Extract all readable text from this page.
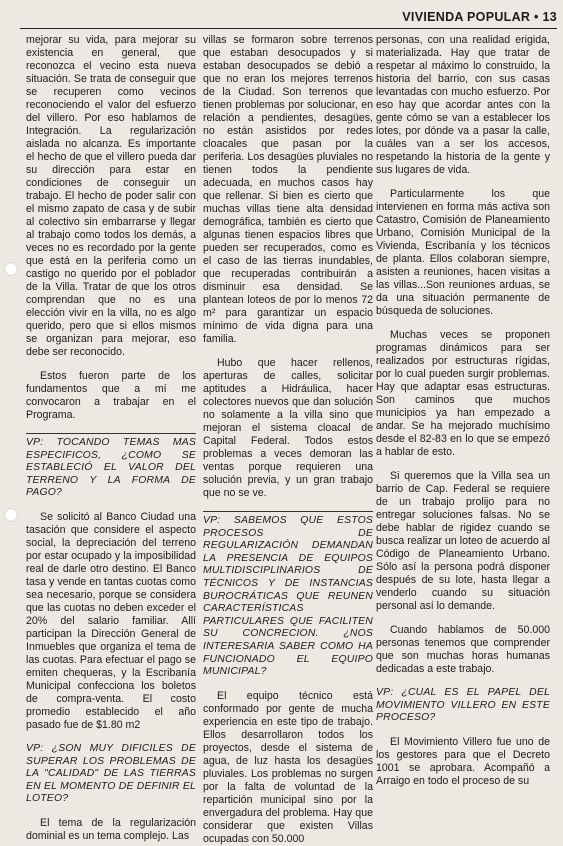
VIVIENDA POPULAR • 13

mejorar su vida, para mejorar su existencia en general, que reconozca el vecino esta nueva situación. Se trata de conseguir que se recuperen como vecinos reconociendo el valor del esfuerzo del villero. Por eso hablamos de Integración. La regularización aislada no alcanza. Es importante el hecho de que el villero pueda dar su dirección para estar en condiciones de conseguir un trabajo. El hecho de poder salir con el mismo zapato de casa y de subir al colectivo sin embarrarse y llegar al trabajo como todos los demás, a veces no es recordado por la gente que está en la periferia como un castigo no querido por el poblador de la Villa. Tratar de que los otros comprendan que no es una elección vivir en la villa, no es algo querido, pero que si ellos mismos se organizan para mejorar, eso debe ser reconocido.

Estos fueron parte de los fundamentos que a mí me convocaron a trabajar en el Programa.

VP: TOCANDO TEMAS MAS ESPECIFICOS, ¿COMO SE ESTABLECIÓ EL VALOR DEL TERRENO Y LA FORMA DE PAGO?

Se solicitó al Banco Ciudad una tasación que considere el aspecto social, la depreciación del terreno por estar ocupado y la imposibilidad real de darle otro destino. El Banco tasa y vende en tantas cuotas como sea necesario, porque se considera que las cuotas no deben exceder el 20% del salario familiar. Allí participan la Dirección General de Inmuebles que organiza el tema de las cuotas. Para efectuar el pago se emiten chequeras, y la Escribanía Municipal confecciona los boletos de compra-venta. El costo promedio establecido el año pasado fue de $1.80 m2

VP: ¿SON MUY DIFICILES DE SUPERAR LOS PROBLEMAS DE LA "CALIDAD" DE LAS TIERRAS EN EL MOMENTO DE DEFINIR EL LOTEO?

El tema de la regularización dominial es un tema complejo. Las

villas se formaron sobre terrenos que estaban desocupados y si estaban desocupados se debió a que no eran los mejores terrenos de la Ciudad. Son terrenos que tienen problemas por solucionar, en relación a pendientes, desagües, no están asistidos por redes cloacales que pasan por la periferia. Los desagües pluviales no tienen todos la pendiente adecuada, en muchos casos hay que rellenar. Si bien es cierto que muchas villas tiene alta densidad demográfica, también es cierto que algunas tienen espacios libres que pueden ser recuperados, como es el caso de las tierras inundables, que recuperadas contribuirán a disminuir esa densidad. Se plantean loteos de por lo menos 72 m² para garantizar un espacio mínimo de vida digna para una familia.

Hubo que hacer rellenos, aperturas de calles, solicitar aptitudes a Hidráulica, hacer colectores nuevos que dan solución no solamente a la villa sino que mejoran el sistema cloacal de Capital Federal. Todos estos problemas a veces demoran las ventas porque requieren una solución previa, y un gran trabajo que no se ve.

VP: SABEMOS QUE ESTOS PROCESOS DE REGULARIZACIÓN DEMANDAN LA PRESENCIA DE EQUIPOS MULTIDISCIPLINARIOS DE TÉCNICOS Y DE INSTANCIAS BUROCRÁTICAS QUE REUNEN CARACTERÍSTICAS PARTICULARES QUE FACILITEN SU CONCRECION. ¿NOS INTERESARIA SABER COMO HA FUNCIONADO EL EQUIPO MUNICIPAL?

El equipo técnico está conformado por gente de mucha experiencia en este tipo de trabajo. Ellos desarrollaron todos los proyectos, desde el sistema de agua, de luz hasta los desagües pluviales. Los problemas no surgen por la falta de voluntad de la repartición municipal sino por la envergadura del problema. Hay que considerar que existen Villas ocupadas con 50.000

personas, con una realidad erigida, materializada. Hay que tratar de respetar al máximo lo construido, la historia del barrio, con sus casas levantadas con mucho esfuerzo. Por eso hay que acordar antes con la gente cómo se van a establecer los lotes, por dónde va a pasar la calle, cuáles van a ser los accesos, respetando la historia de la gente y sus lugares de vida.

Particularmente los que intervienen en forma más activa son Catastro, Comisión de Planeamiento Urbano, Comisión Municipal de la Vivienda, Escribanía y los técnicos de planta. Ellos colaboran siempre, asisten a reuniones, hacen visitas a las villas...Son reuniones arduas, se da una situación permanente de búsqueda de soluciones.

Muchas veces se proponen programas dinámicos para ser realizados por estructuras rígidas, por lo cual pueden surgir problemas. Hay que adaptar esas estructuras. Son caminos que muchos municipios ya han empezado a andar. Se ha mejorado muchísimo desde el 82-83 en lo que se empezó a hablar de esto.

Si queremos que la Villa sea un barrio de Cap. Federal se requiere de un trabajo prolijo para no entregar soluciones falsas. No se debe hablar de rigidez cuando se busca realizar un loteo de acuerdo al Código de Planeamiento Urbano. Sólo así la persona podrá disponer después de su lote, hasta llegar a venderlo cuando su situación personal así lo demande.

Cuando hablamos de 50.000 personas tenemos que comprender que son muchas horas humanas dedicadas a este trabajo.

VP: ¿CUAL ES EL PAPEL DEL MOVIMIENTO VILLERO EN ESTE PROCESO?

El Movimiento Villero fue uno de los gestores para que el Decreto 1001 se aprobara. Acompañó a Arraigo en todo el proceso de su
